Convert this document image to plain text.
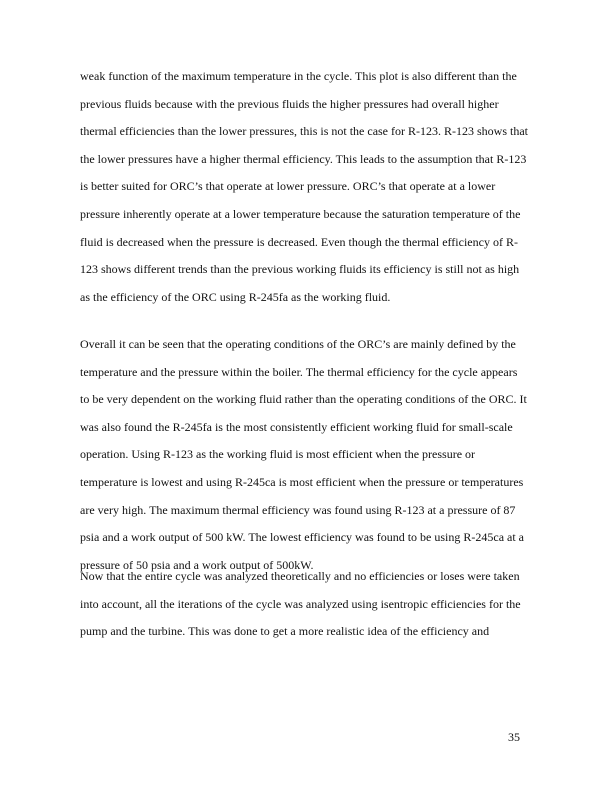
weak function of the maximum temperature in the cycle. This plot is also different than the
previous fluids because with the previous fluids the higher pressures had overall higher
thermal efficiencies than the lower pressures, this is not the case for R-123. R-123 shows that
the lower pressures have a higher thermal efficiency. This leads to the assumption that R-123
is better suited for ORC’s that operate at lower pressure. ORC’s that operate at a lower
pressure inherently operate at a lower temperature because the saturation temperature of the
fluid is decreased when the pressure is decreased. Even though the thermal efficiency of R-
123 shows different trends than the previous working fluids its efficiency is still not as high
as the efficiency of the ORC using R-245fa as the working fluid.
Overall it can be seen that the operating conditions of the ORC’s are mainly defined by the
temperature and the pressure within the boiler. The thermal efficiency for the cycle appears
to be very dependent on the working fluid rather than the operating conditions of the ORC. It
was also found the R-245fa is the most consistently efficient working fluid for small-scale
operation. Using R-123 as the working fluid is most efficient when the pressure or
temperature is lowest and using R-245ca is most efficient when the pressure or temperatures
are very high. The maximum thermal efficiency was found using R-123 at a pressure of 87
psia and a work output of 500 kW. The lowest efficiency was found to be using R-245ca at a
pressure of 50 psia and a work output of 500kW.
Now that the entire cycle was analyzed theoretically and no efficiencies or loses were taken
into account, all the iterations of the cycle was analyzed using isentropic efficiencies for the
pump and the turbine. This was done to get a more realistic idea of the efficiency and
35
